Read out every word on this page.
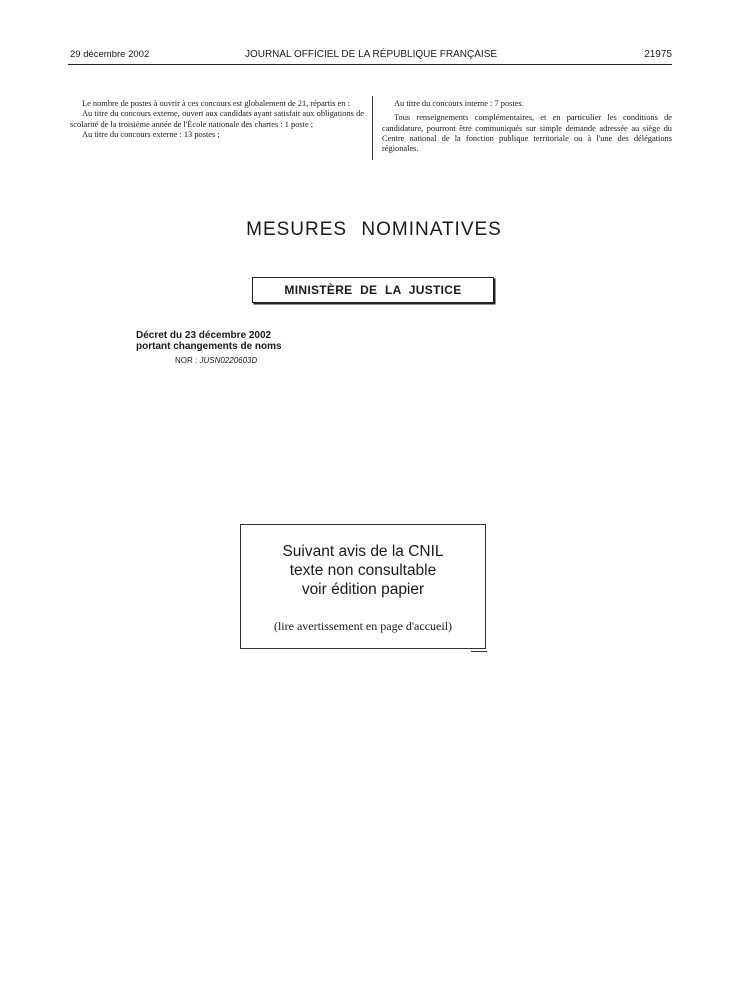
29 décembre 2002	JOURNAL OFFICIEL DE LA RÉPUBLIQUE FRANÇAISE	21975

Le nombre de postes à ouvrir à ces concours est globalement de 21, répartis en :

Au titre du concours externe, ouvert aux candidats ayant satisfait aux obligations de scolarité de la troisième année de l'École nationale des chartes : 1 poste ;

Au titre du concours externe : 13 postes ;

Au titre du concours interne : 7 postes.

Tous renseignements complémentaires, et en particulier les conditions de candidature, pourront être communiqués sur simple demande adressée au siège du Centre national de la fonction publique territoriale ou à l'une des délégations régionales.

MESURES NOMINATIVES
MINISTÈRE DE LA JUSTICE
Décret du 23 décembre 2002
portant changements de noms
NOR : JUSN0220603D
Suivant avis de la CNIL
texte non consultable
voir édition papier
(lire avertissement en page d'accueil)
